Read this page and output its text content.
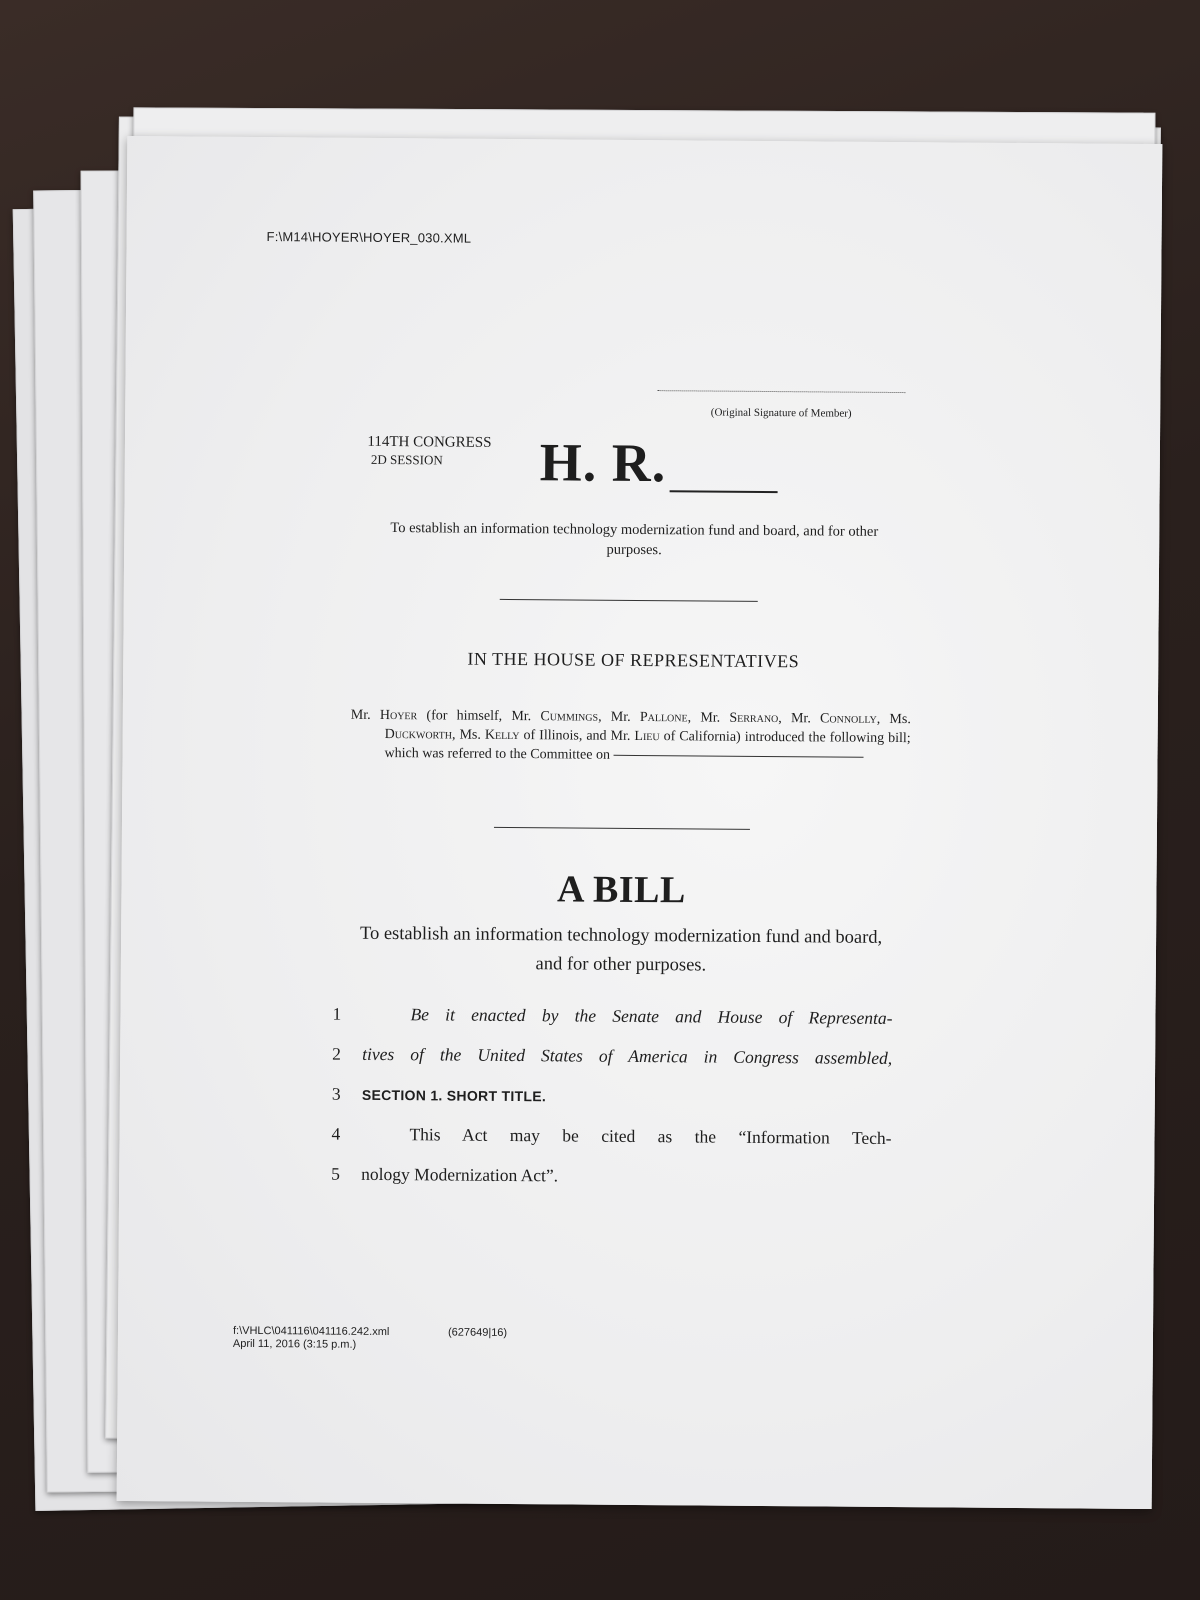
F:\M14\HOYER\HOYER_030.XML
(Original Signature of Member)
114TH CONGRESS
2D SESSION	H. R.
To establish an information technology modernization fund and board, and for other purposes.
IN THE HOUSE OF REPRESENTATIVES
Mr. Hoyer (for himself, Mr. Cummings, Mr. Pallone, Mr. Serrano, Mr. Connolly, Ms. Duckworth, Ms. Kelly of Illinois, and Mr. Lieu of California) introduced the following bill; which was referred to the Committee on
A BILL
To establish an information technology modernization fund and board, and for other purposes.
1	Be it enacted by the Senate and House of Representa-
2	tives of the United States of America in Congress assembled,
3	SECTION 1. SHORT TITLE.
4	This Act may be cited as the “Information Tech-
5	nology Modernization Act”.
f:\VHLC\041116\041116.242.xml
April 11, 2016 (3:15 p.m.)
(627649|16)
